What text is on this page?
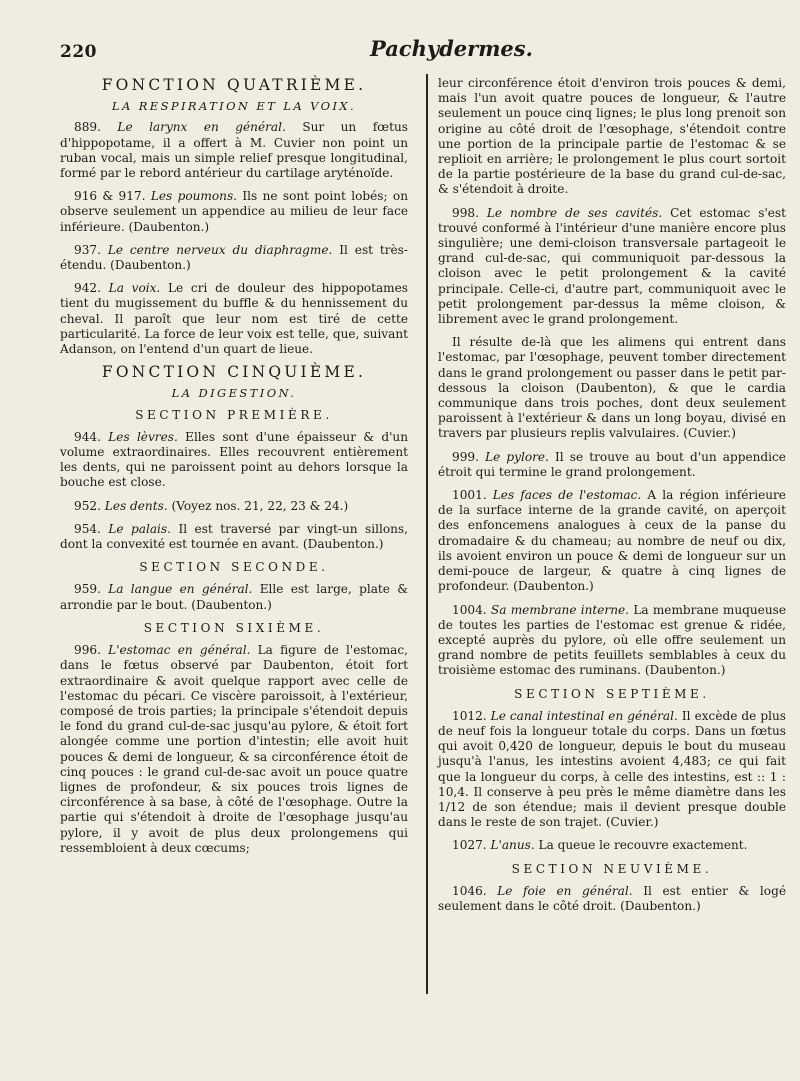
220	Pachydermes.
FONCTION QUATRIÈME.
LA RESPIRATION ET LA VOIX.

889. Le larynx en général. Sur un fœtus d'hippopotame, il a offert à M. Cuvier non point un ruban vocal, mais un simple relief presque longitudinal, formé par le rebord antérieur du cartilage aryténoïde.

916 & 917. Les poumons. Ils ne sont point lobés; on observe seulement un appendice au milieu de leur face inférieure. (Daubenton.)

937. Le centre nerveux du diaphragme. Il est très-étendu. (Daubenton.)

942. La voix. Le cri de douleur des hippopotames tient du mugissement du buffle & du hennissement du cheval. Il paroît que leur nom est tiré de cette particularité. La force de leur voix est telle, que, suivant Adanson, on l'entend d'un quart de lieue.

FONCTION CINQUIÈME.
LA DIGESTION.
SECTION PREMIÈRE.

944. Les lèvres. Elles sont d'une épaisseur & d'un volume extraordinaires. Elles recouvrent entièrement les dents, qui ne paroissent point au dehors lorsque la bouche est close.

952. Les dents. (Voyez nos. 21, 22, 23 & 24.)

954. Le palais. Il est traversé par vingt-un sillons, dont la convexité est tournée en avant. (Daubenton.)

SECTION SECONDE.

959. La langue en général. Elle est large, plate & arrondie par le bout. (Daubenton.)

SECTION SIXIÈME.

996. L'estomac en général. La figure de l'estomac, dans le fœtus observé par Daubenton, étoit fort extraordinaire & avoit quelque rapport avec celle de l'estomac du pécari. Ce viscère paroissoit, à l'extérieur, composé de trois parties; la principale s'étendoit depuis le fond du grand cul-de-sac jusqu'au pylore, & étoit fort alongée comme une portion d'intestin; elle avoit huit pouces & demi de longueur, & sa circonférence étoit de cinq pouces : le grand cul-de-sac avoit un pouce quatre lignes de profondeur, & six pouces trois lignes de circonférence à sa base, à côté de l'œsophage. Outre la partie qui s'étendoit à droite de l'œsophage jusqu'au pylore, il y avoit de plus deux prolongemens qui ressembloient à deux cœcums;

leur circonférence étoit d'environ trois pouces & demi, mais l'un avoit quatre pouces de longueur, & l'autre seulement un pouce cinq lignes; le plus long prenoit son origine au côté droit de l'œsophage, s'étendoit contre une portion de la principale partie de l'estomac & se replioit en arrière; le prolongement le plus court sortoit de la partie postérieure de la base du grand cul-de-sac, & s'étendoit à droite.

998. Le nombre de ses cavités. Cet estomac s'est trouvé conformé à l'intérieur d'une manière encore plus singulière; une demi-cloison transversale partageoit le grand cul-de-sac, qui communiquoit par-dessous la cloison avec le petit prolongement & la cavité principale. Celle-ci, d'autre part, communiquoit avec le petit prolongement par-dessus la même cloison, & librement avec le grand prolongement.

Il résulte de-là que les alimens qui entrent dans l'estomac, par l'œsophage, peuvent tomber directement dans le grand prolongement ou passer dans le petit par-dessous la cloison (Daubenton), & que le cardia communique dans trois poches, dont deux seulement paroissent à l'extérieur & dans un long boyau, divisé en travers par plusieurs replis valvulaires. (Cuvier.)

999. Le pylore. Il se trouve au bout d'un appendice étroit qui termine le grand prolongement.

1001. Les faces de l'estomac. A la région inférieure de la surface interne de la grande cavité, on aperçoit des enfoncemens analogues à ceux de la panse du dromadaire & du chameau; au nombre de neuf ou dix, ils avoient environ un pouce & demi de longueur sur un demi-pouce de largeur, & quatre à cinq lignes de profondeur. (Daubenton.)

1004. Sa membrane interne. La membrane muqueuse de toutes les parties de l'estomac est grenue & ridée, excepté auprès du pylore, où elle offre seulement un grand nombre de petits feuillets semblables à ceux du troisième estomac des ruminans. (Daubenton.)

SECTION SEPTIÈME.

1012. Le canal intestinal en général. Il excède de plus de neuf fois la longueur totale du corps. Dans un fœtus qui avoit 0,420 de longueur, depuis le bout du museau jusqu'à l'anus, les intestins avoient 4,483; ce qui fait que la longueur du corps, à celle des intestins, est :: 1 : 10,4. Il conserve à peu près le même diamètre dans les 1/12 de son étendue; mais il devient presque double dans le reste de son trajet. (Cuvier.)

1027. L'anus. La queue le recouvre exactement.

SECTION NEUVIÈME.

1046. Le foie en général. Il est entier & logé seulement dans le côté droit. (Daubenton.)
